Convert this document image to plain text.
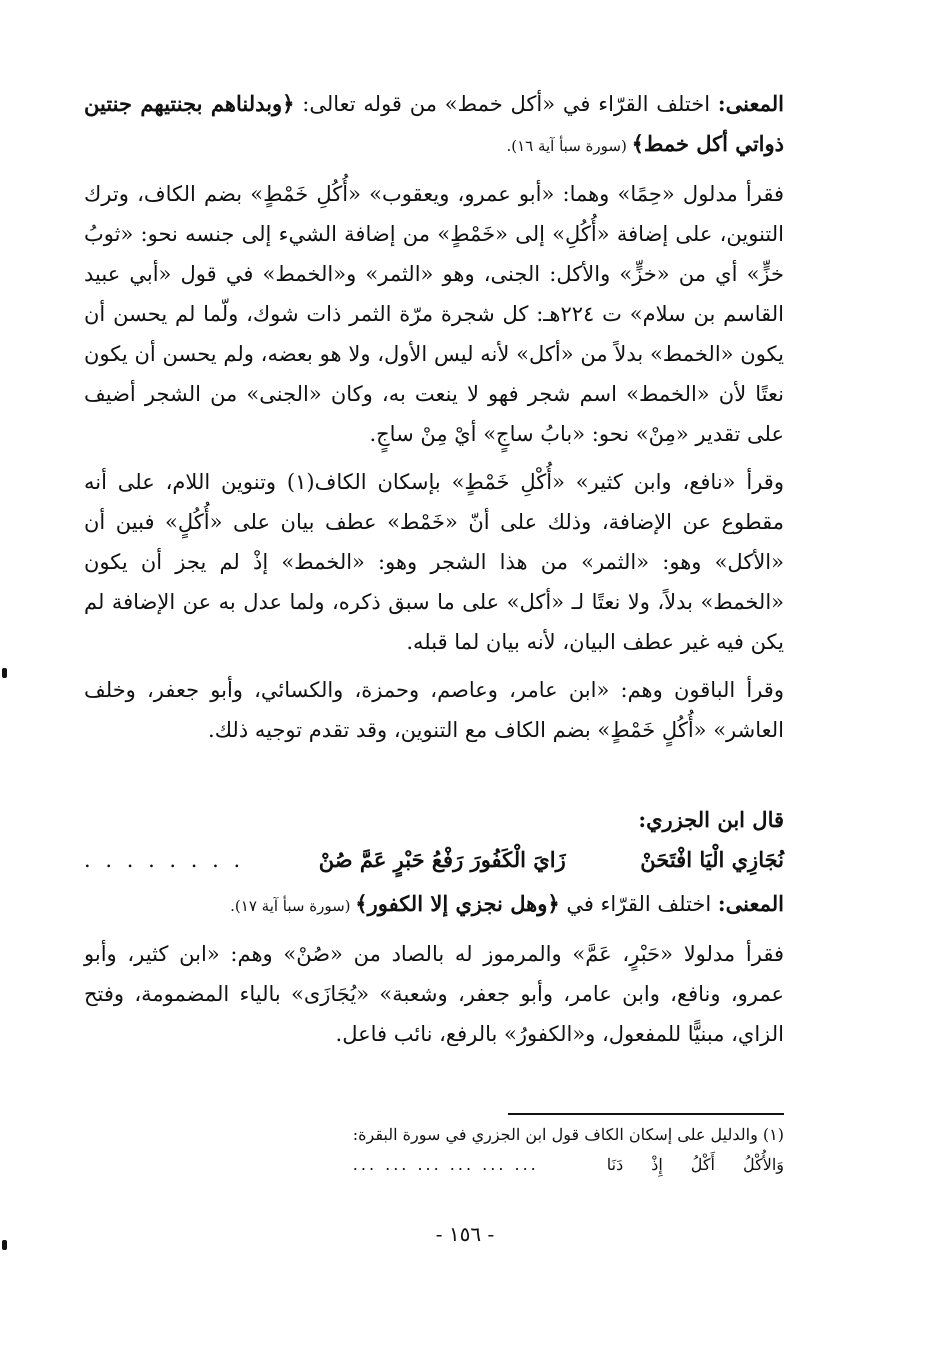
المعنى: اختلف القرّاء في «أكل خمط» من قوله تعالى: ﴿وبدلناهم بجنتيهم جنتين ذواتي أكل خمط﴾ (سورة سبأ آية ١٦).

فقرأ مدلول «حِمًا» وهما: «أبو عمرو، ويعقوب» «أُكُلِ خَمْطٍ» بضم الكاف، وترك التنوين، على إضافة «أُكُلِ» إلى «خَمْطٍ» من إضافة الشيء إلى جنسه نحو: «ثوبُ خزٍّ» أي من «خزٍّ» والأكل: الجنى، وهو «الثمر» و«الخمط» في قول «أبي عبيد القاسم بن سلام» ت ٢٢٤هـ: كل شجرة مرّة الثمر ذات شوك، ولّما لم يحسن أن يكون «الخمط» بدلاً من «أكل» لأنه ليس الأول، ولا هو بعضه، ولم يحسن أن يكون نعتًا لأن «الخمط» اسم شجر فهو لا ينعت به، وكان «الجنى» من الشجر أضيف على تقدير «مِنْ» نحو: «بابُ ساجٍ» أيْ مِنْ ساجٍ.

وقرأ «نافع، وابن كثير» «أُكْلِ خَمْطٍ» بإسكان الكاف(١) وتنوين اللام، على أنه مقطوع عن الإضافة، وذلك على أنّ «خَمْط» عطف بيان على «أُكُلٍ» فبين أن «الأكل» وهو: «الثمر» من هذا الشجر وهو: «الخمط» إذْ لم يجز أن يكون «الخمط» بدلاً، ولا نعتًا لـ «أكل» على ما سبق ذكره، ولما عدل به عن الإضافة لم يكن فيه غير عطف البيان، لأنه بيان لما قبله.

وقرأ الباقون وهم: «ابن عامر، وعاصم، وحمزة، والكسائي، وأبو جعفر، وخلف العاشر» «أُكُلٍ خَمْطٍ» بضم الكاف مع التنوين، وقد تقدم توجيه ذلك.

قال ابن الجزري:

نُجَازِي الْيَا افْتَحَنْ
زَايَ الْكَفُورَ رَفْعُ حَبْرٍ عَمَّ صُنْ
. . . . . . . .

المعنى: اختلف القرّاء في ﴿وهل نجزي إلا الكفور﴾ (سورة سبأ آية ١٧).

فقرأ مدلولا «حَبْرٍ، عَمَّ» والمرموز له بالصاد من «صُنْ» وهم: «ابن كثير، وأبو عمرو، ونافع، وابن عامر، وأبو جعفر، وشعبة» «يُجَازَى» بالياء المضمومة، وفتح الزاي، مبنيًّا للمفعول، و«الكفورُ» بالرفع، نائب فاعل.

(١) والدليل على إسكان الكاف قول ابن الجزري في سورة البقرة:
وَالأُكْلُ
أَكْلُ
إِذْ
دَنَا
... ... ... ... ... ...
- ١٥٦ -
